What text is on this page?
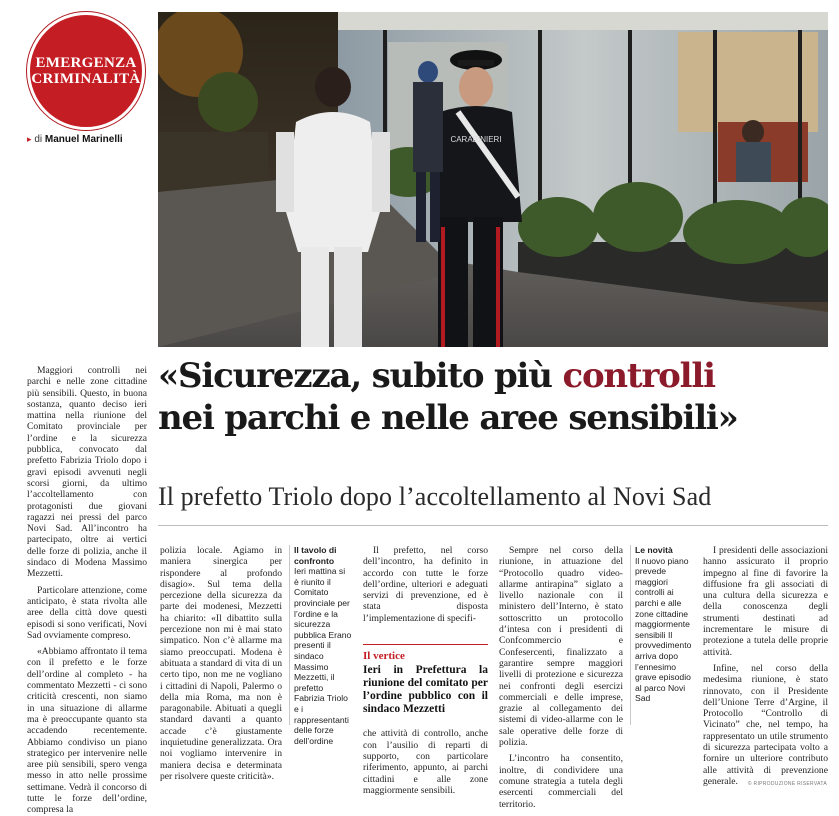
EMERGENZA
CRIMINALITÀ
▸ di Manuel Marinelli	CARABINIERI
«Sicurezza, subito più controlli
nei parchi e nelle aree sensibili»
Il prefetto Triolo dopo l’accoltellamento al Novi Sad

Maggiori controlli nei parchi e nelle zone cittadine più sensibili. Questo, in buona sostanza, quanto deciso ieri mattina nella riunione del Comitato provinciale per l’ordine e la sicurezza pubblica, convocato dal prefetto Fabrizia Triolo dopo i gravi episodi avvenuti negli scorsi giorni, da ultimo l’accoltellamento con protagonisti due giovani ragazzi nei pressi del parco Novi Sad. All’incontro ha partecipato, oltre ai vertici delle forze di polizia, anche il sindaco di Modena Massimo Mezzetti.

Particolare attenzione, come anticipato, è stata rivolta alle aree della città dove questi episodi si sono verificati, Novi Sad ovviamente compreso.

«Abbiamo affrontato il tema con il prefetto e le forze dell’ordine al completo - ha commentato Mezzetti - ci sono criticità crescenti, non siamo in una situazione di allarme ma è preoccupante quanto sta accadendo recentemente. Abbiamo condiviso un piano strategico per intervenire nelle aree più sensibili, spero venga messo in atto nelle prossime settimane. Vedrà il concorso di tutte le forze dell’ordine, compresa la

polizia locale. Agiamo in maniera sinergica per rispondere al profondo disagio». Sul tema della percezione della sicurezza da parte dei modenesi, Mezzetti ha chiarito: «Il dibattito sulla percezione non mi è mai stato simpatico. Non c’è allarme ma siamo preoccupati. Modena è abituata a standard di vita di un certo tipo, non me ne vogliano i cittadini di Napoli, Palermo o della mia Roma, ma non è paragonabile. Abituati a quegli standard davanti a quanto accade c’è giustamente inquietudine generalizzata. Ora noi vogliamo intervenire in maniera decisa e determinata per risolvere queste criticità».

Il tavolo di confronto
Ieri mattina si è riunito il Comitato provinciale per l’ordine e la sicurezza pubblica Erano presenti il sindaco Massimo Mezzetti, il prefetto Fabrizia Triolo e i rappresentanti delle forze dell’ordine

Il prefetto, nel corso dell’incontro, ha definito in accordo con tutte le forze dell’ordine, ulteriori e adeguati servizi di prevenzione, ed è stata disposta l’implementazione di specifi-

Il vertice
Ieri in Prefettura la riunione del comitato per l’ordine pubblico con il sindaco Mezzetti

che attività di controllo, anche con l’ausilio di reparti di supporto, con particolare riferimento, appunto, ai parchi cittadini e alle zone maggiormente sensibili.

Sempre nel corso della riunione, in attuazione del “Protocollo quadro video-allarme antirapina” siglato a livello nazionale con il ministero dell’Interno, è stato sottoscritto un protocollo d’intesa con i presidenti di Confcommercio e Confesercenti, finalizzato a garantire sempre maggiori livelli di protezione e sicurezza nei confronti degli esercizi commerciali e delle imprese, grazie al collegamento dei sistemi di video-allarme con le sale operative delle forze di polizia.

L’incontro ha consentito, inoltre, di condividere una comune strategia a tutela degli esercenti commerciali del territorio.

Le novità
Il nuovo piano prevede maggiori controlli ai parchi e alle zone cittadine maggiormente sensibili Il provvedimento arriva dopo l’ennesimo grave episodio al parco Novi Sad

I presidenti delle associazioni hanno assicurato il proprio impegno al fine di favorire la diffusione fra gli associati di una cultura della sicurezza e della conoscenza degli strumenti destinati ad incrementare le misure di protezione a tutela delle proprie attività.

Infine, nel corso della medesima riunione, è stato rinnovato, con il Presidente dell’Unione Terre d’Argine, il Protocollo “Controllo di Vicinato” che, nel tempo, ha rappresentato un utile strumento di sicurezza partecipata volto a fornire un ulteriore contributo alle attività di prevenzione generale.	© RIPRODUZIONE RISERVATA
